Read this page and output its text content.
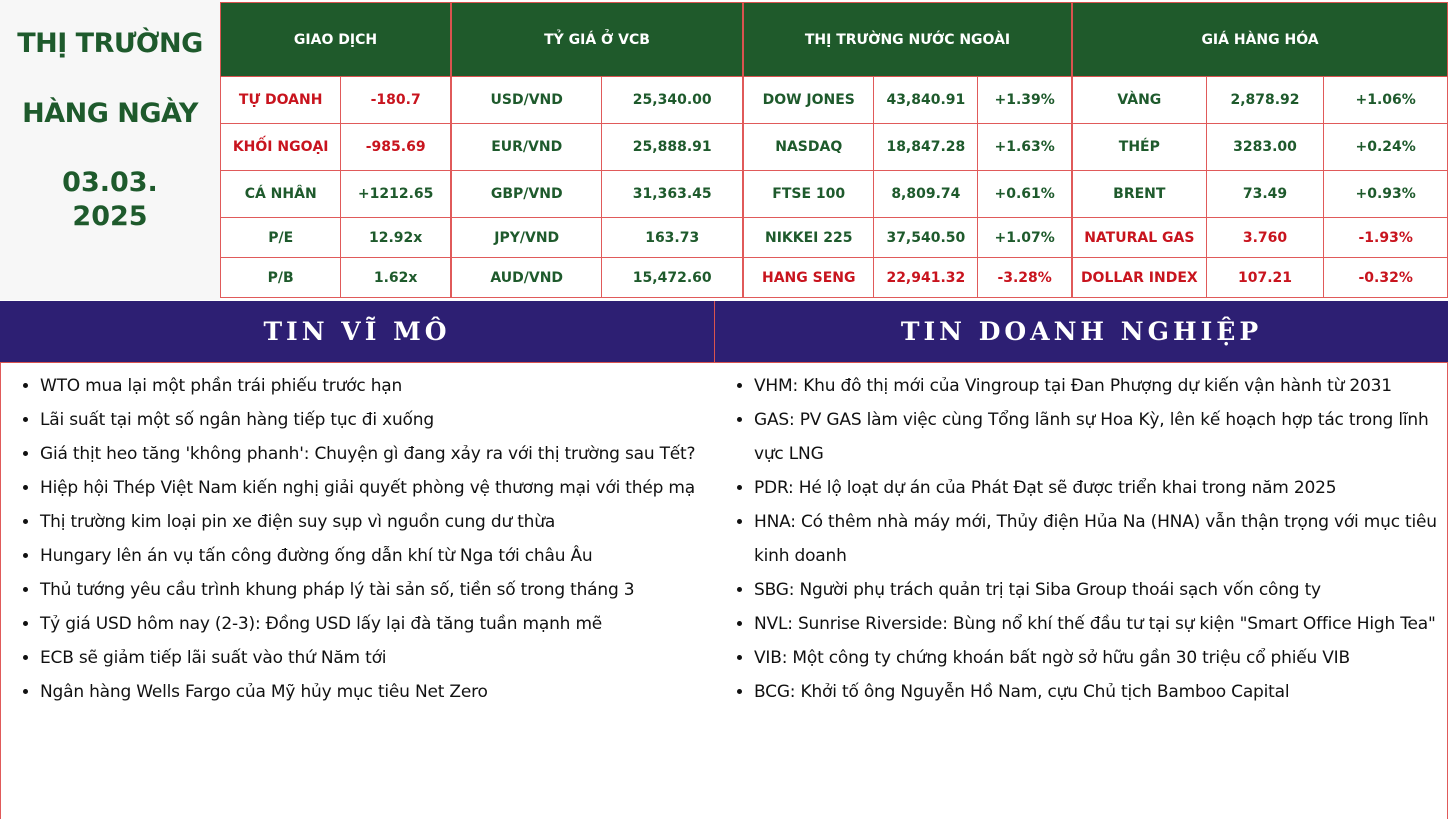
THỊ TRƯỜNG
HÀNG NGÀY
03.03.
2025
GIAO DỊCH	
TỰ DOANH	-180.7
KHỐI NGOẠI	-985.69
CÁ NHÂN	+1212.65
P/E	12.92x
P/B	1.62x
TỶ GIÁ Ở VCB	
USD/VND	25,340.00
EUR/VND	25,888.91
GBP/VND	31,363.45
JPY/VND	163.73
AUD/VND	15,472.60
THỊ TRƯỜNG NƯỚC NGOÀI		
DOW JONES	43,840.91	+1.39%
NASDAQ	18,847.28	+1.63%
FTSE 100	8,809.74	+0.61%
NIKKEI 225	37,540.50	+1.07%
HANG SENG	22,941.32	-3.28%
GIÁ HÀNG HÓA		
VÀNG	2,878.92	+1.06%
THÉP	3283.00	+0.24%
BRENT	73.49	+0.93%
NATURAL GAS	3.760	-1.93%
DOLLAR INDEX	107.21	-0.32%
TIN VĨ MÔ	TIN DOANH NGHIỆP
• WTO mua lại một phần trái phiếu trước hạn
• Lãi suất tại một số ngân hàng tiếp tục đi xuống
• Giá thịt heo tăng 'không phanh': Chuyện gì đang xảy ra với thị trường sau Tết?
• Hiệp hội Thép Việt Nam kiến nghị giải quyết phòng vệ thương mại với thép mạ
• Thị trường kim loại pin xe điện suy sụp vì nguồn cung dư thừa
• Hungary lên án vụ tấn công đường ống dẫn khí từ Nga tới châu Âu
• Thủ tướng yêu cầu trình khung pháp lý tài sản số, tiền số trong tháng 3
• Tỷ giá USD hôm nay (2-3): Đồng USD lấy lại đà tăng tuần mạnh mẽ
• ECB sẽ giảm tiếp lãi suất vào thứ Năm tới
• Ngân hàng Wells Fargo của Mỹ hủy mục tiêu Net Zero
• VHM: Khu đô thị mới của Vingroup tại Đan Phượng dự kiến vận hành từ 2031
• GAS: PV GAS làm việc cùng Tổng lãnh sự Hoa Kỳ, lên kế hoạch hợp tác trong lĩnh vực LNG
• PDR: Hé lộ loạt dự án của Phát Đạt sẽ được triển khai trong năm 2025
• HNA: Có thêm nhà máy mới, Thủy điện Hủa Na (HNA) vẫn thận trọng với mục tiêu kinh doanh
• SBG: Người phụ trách quản trị tại Siba Group thoái sạch vốn công ty
• NVL: Sunrise Riverside: Bùng nổ khí thế đầu tư tại sự kiện "Smart Office High Tea"
• VIB: Một công ty chứng khoán bất ngờ sở hữu gần 30 triệu cổ phiếu VIB
• BCG: Khởi tố ông Nguyễn Hồ Nam, cựu Chủ tịch Bamboo Capital
